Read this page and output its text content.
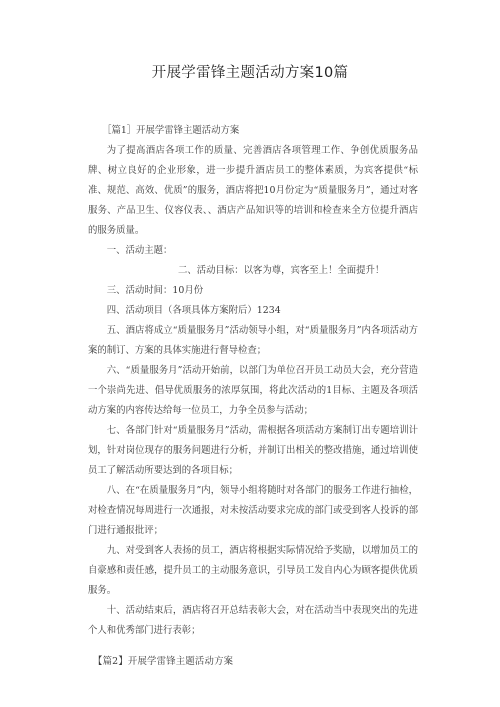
开展学雷锋主题活动方案10篇

［篇1］开展学雷锋主题活动方案

为了提高酒店各项工作的质量、完善酒店各项管理工作、争创优质服务品牌、树立良好的企业形象，进一步提升酒店员工的整体素质，为宾客提供“标准、规范、高效、优质”的服务，酒店将把10月份定为“质量服务月”，通过对客服务、产品卫生、仪容仪表、、酒店产品知识等的培训和检查来全方位提升酒店的服务质量。

一、活动主题：

二、活动目标：以客为尊，宾客至上！全面提升！

三、活动时间：10月份

四、活动项目（各项具体方案附后）1234

五、酒店将成立“质量服务月”活动领导小组，对“质量服务月”内各项活动方案的制订、方案的具体实施进行督导检查；

六、“质量服务月”活动开始前，以部门为单位召开员工动员大会，充分营造一个崇尚先进、倡导优质服务的浓厚氛围，将此次活动的1目标、主题及各项活动方案的内容传达给每一位员工，力争全员参与活动；

七、各部门针对“质量服务月”活动，需根据各项活动方案制订出专题培训计划，针对岗位现存的服务问题进行分析，并制订出相关的整改措施，通过培训使员工了解活动所要达到的各项目标；

八、在“在质量服务月”内，领导小组将随时对各部门的服务工作进行抽检，对检查情况每周进行一次通报，对未按活动要求完成的部门或受到客人投诉的部门进行通报批评；

九、对受到客人表扬的员工，酒店将根据实际情况给予奖励，以增加员工的自豪感和责任感，提升员工的主动服务意识，引导员工发自内心为顾客提供优质服务。

十、活动结束后，酒店将召开总结表彰大会，对在活动当中表现突出的先进个人和优秀部门进行表彰；

【篇2】开展学雷锋主题活动方案
